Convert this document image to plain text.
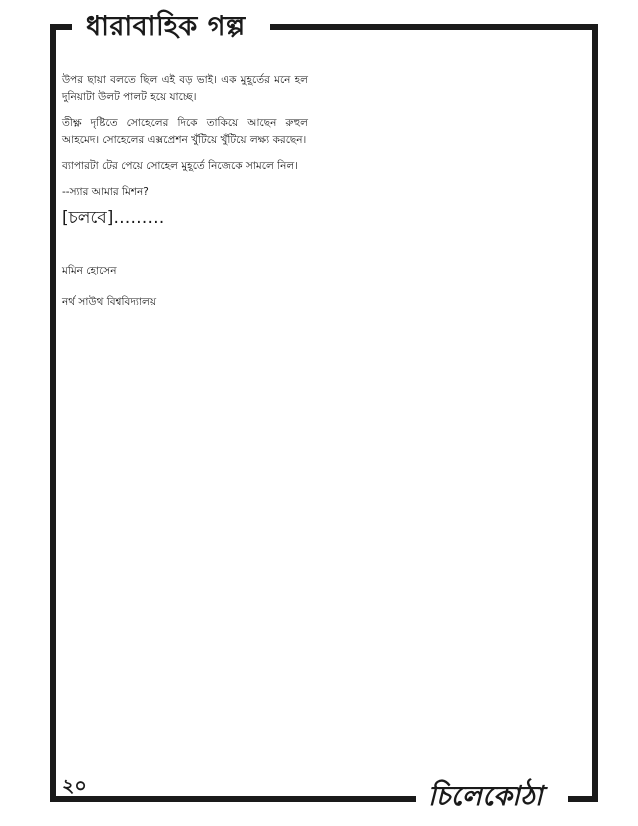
ধারাবাহিক গল্প

উপর ছায়া বলতে ছিল এই বড় ভাই। এক মুহূর্তের মনে হল দুনিয়াটা উলট পালট হয়ে যাচ্ছে।

তীক্ষ্ণ দৃষ্টিতে সোহেলের দিকে তাকিয়ে আছেন রুহুল আহমেদ। সোহেলের এক্সপ্রেশন খুঁটিয়ে খুঁটিয়ে লক্ষ্য করছেন।

ব্যাপারটা টের পেয়ে সোহেল মুহূর্তে নিজেকে সামলে নিল।

--স্যার আমার মিশন?

[চলবে]………

মমিন হোসেন
নর্থ সাউথ বিশ্ববিদ্যালয়
২০	চিলেকোঠা
